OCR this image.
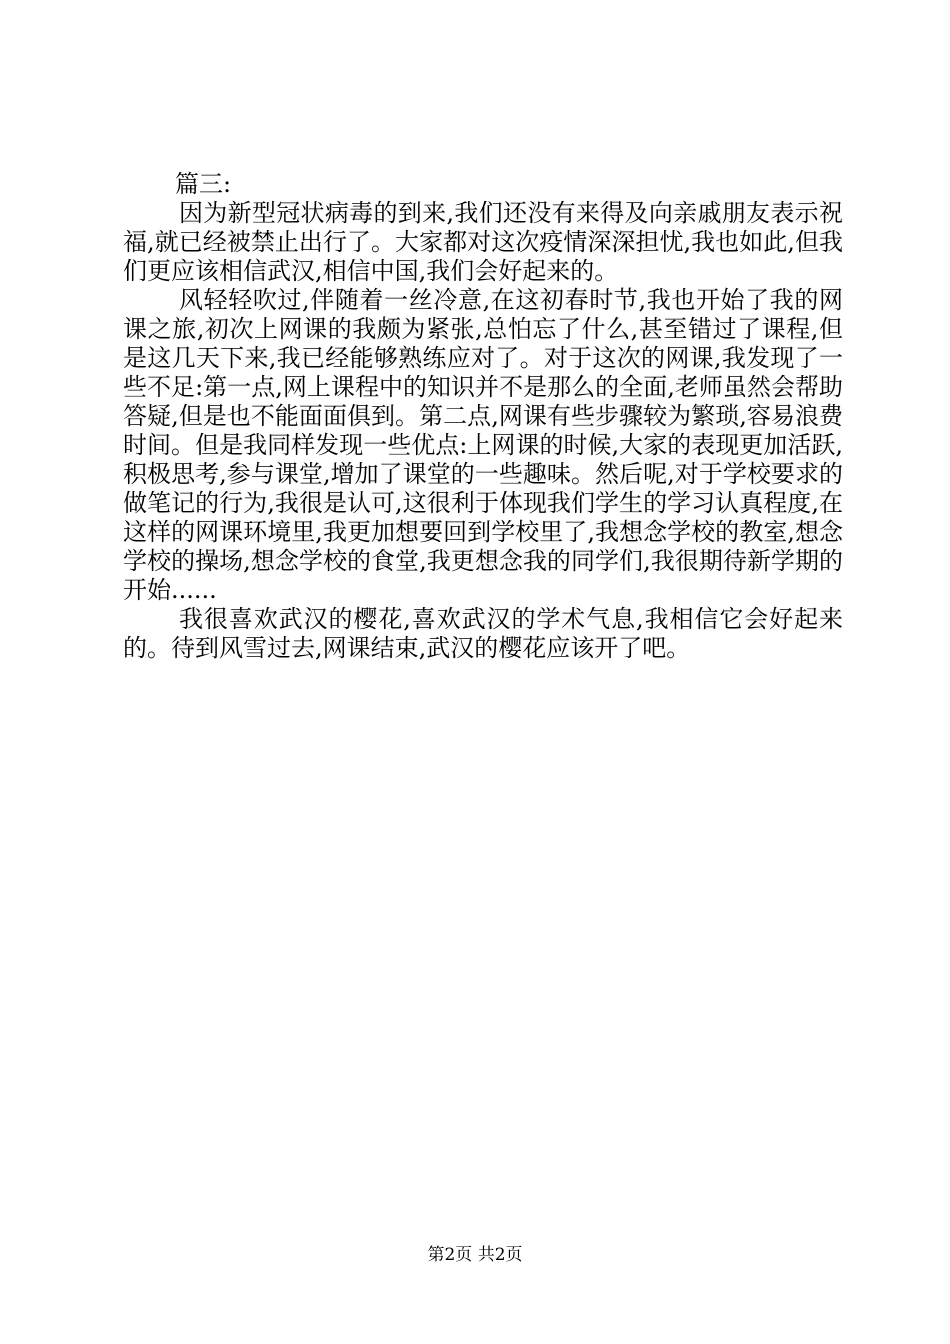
篇三:

因为新型冠状病毒的到来,我们还没有来得及向亲戚朋友表示祝福,就已经被禁止出行了。大家都对这次疫情深深担忧,我也如此,但我们更应该相信武汉,相信中国,我们会好起来的。

风轻轻吹过,伴随着一丝冷意,在这初春时节,我也开始了我的网课之旅,初次上网课的我颇为紧张,总怕忘了什么,甚至错过了课程,但是这几天下来,我已经能够熟练应对了。对于这次的网课,我发现了一些不足:第一点,网上课程中的知识并不是那么的全面,老师虽然会帮助答疑,但是也不能面面俱到。第二点,网课有些步骤较为繁琐,容易浪费时间。但是我同样发现一些优点:上网课的时候,大家的表现更加活跃,积极思考,参与课堂,增加了课堂的一些趣味。然后呢,对于学校要求的做笔记的行为,我很是认可,这很利于体现我们学生的学习认真程度,在这样的网课环境里,我更加想要回到学校里了,我想念学校的教室,想念学校的操场,想念学校的食堂,我更想念我的同学们,我很期待新学期的开始......

我很喜欢武汉的樱花,喜欢武汉的学术气息,我相信它会好起来的。待到风雪过去,网课结束,武汉的樱花应该开了吧。

第2页 共2页
